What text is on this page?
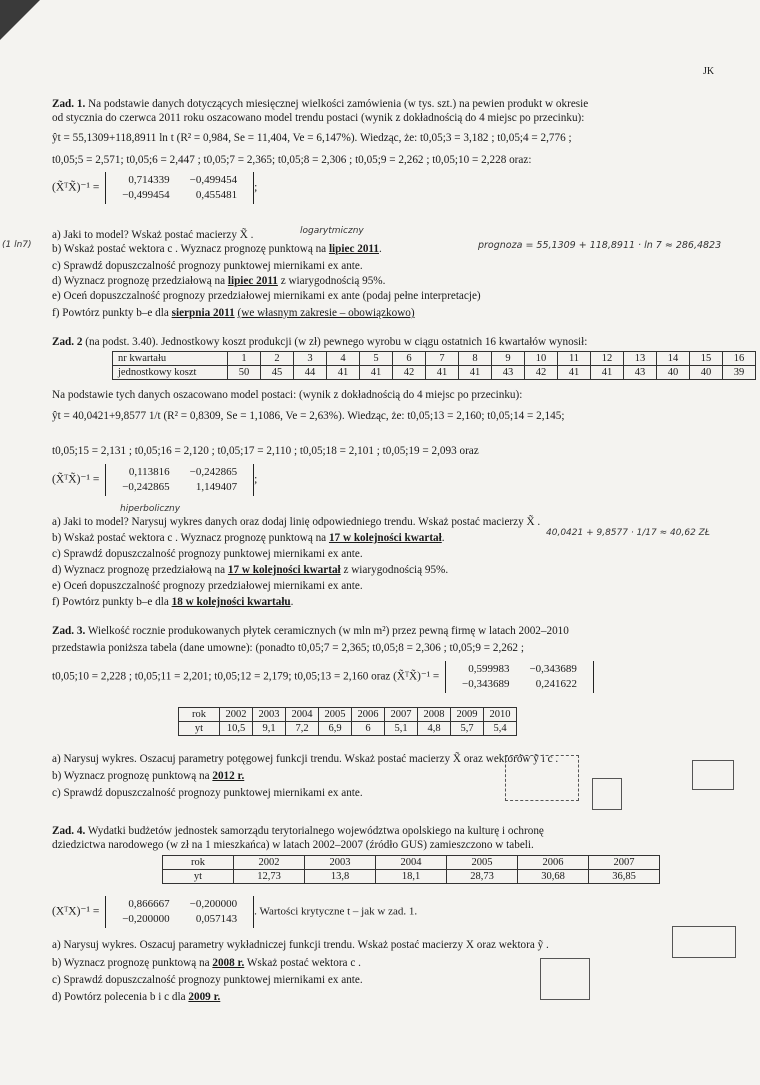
JK
Zad. 1. Na podstawie danych dotyczących miesięcznej wielkości zamówienia (w tys. szt.) na pewien produkt w okresie
od stycznia do czerwca 2011 roku oszacowano model trendu postaci (wynik z dokładnością do 4 miejsc po przecinku):
ŷt = 55,1309+118,8911 ln t (R² = 0,984, Se = 11,404, Ve = 6,147%). Wiedząc, że: t0,05;3 = 3,182 ; t0,05;4 = 2,776 ;
t0,05;5 = 2,571; t0,05;6 = 2,447 ; t0,05;7 = 2,365; t0,05;8 = 2,306 ; t0,05;9 = 2,262 ; t0,05;10 = 2,228 oraz:
(X̃ᵀX̃)⁻¹ =
0,714339	−0,499454
−0,499454	0,455481
;
a) Jaki to model? Wskaż postać macierzy X̃ .
b) Wskaż postać wektora c . Wyznacz prognozę punktową na lipiec 2011.
c) Sprawdź dopuszczalność prognozy punktowej miernikami ex ante.
d) Wyznacz prognozę przedziałową na lipiec 2011 z wiarygodnością 95%.
e) Oceń dopuszczalność prognozy przedziałowej miernikami ex ante (podaj pełne interpretacje)
f) Powtórz punkty b–e dla sierpnia 2011 (we własnym zakresie – obowiązkowo)
logarytmiczny
prognoza = 55,1309 + 118,8911 · ln 7 ≈ 286,4823
(1 ln7)
Zad. 2 (na podst. 3.40). Jednostkowy koszt produkcji (w zł) pewnego wyrobu w ciągu ostatnich 16 kwartałów wynosił:
nr kwartału	1	2	3	4	5	6	7	8	9	10	11	12	13	14	15	16
jednostkowy koszt	50	45	44	41	41	42	41	41	43	42	41	41	43	40	40	39
Na podstawie tych danych oszacowano model postaci: (wynik z dokładnością do 4 miejsc po przecinku):
ŷt = 40,0421+9,8577 1/t (R² = 0,8309, Se = 1,1086, Ve = 2,63%). Wiedząc, że: t0,05;13 = 2,160; t0,05;14 = 2,145;
t0,05;15 = 2,131 ; t0,05;16 = 2,120 ; t0,05;17 = 2,110 ; t0,05;18 = 2,101 ; t0,05;19 = 2,093 oraz
(X̃ᵀX̃)⁻¹ =
0,113816	−0,242865
−0,242865	1,149407
;
a) Jaki to model? Narysuj wykres danych oraz dodaj linię odpowiedniego trendu. Wskaż postać macierzy X̃ .
b) Wskaż postać wektora c . Wyznacz prognozę punktową na 17 w kolejności kwartał.
c) Sprawdź dopuszczalność prognozy punktowej miernikami ex ante.
d) Wyznacz prognozę przedziałową na 17 w kolejności kwartał z wiarygodnością 95%.
e) Oceń dopuszczalność prognozy przedziałowej miernikami ex ante.
f) Powtórz punkty b–e dla 18 w kolejności kwartału.
hiperboliczny
40,0421 + 9,8577 · 1/17 ≈ 40,62 ZŁ
Zad. 3. Wielkość rocznie produkowanych płytek ceramicznych (w mln m²) przez pewną firmę w latach 2002–2010
przedstawia poniższa tabela (dane umowne): (ponadto t0,05;7 = 2,365; t0,05;8 = 2,306 ; t0,05;9 = 2,262 ;
t0,05;10 = 2,228 ; t0,05;11 = 2,201; t0,05;12 = 2,179; t0,05;13 = 2,160 oraz (X̃ᵀX̃)⁻¹ =
0,599983	−0,343689
−0,343689	0,241622
rok	2002	2003	2004	2005	2006	2007	2008	2009	2010
yt	10,5	9,1	7,2	6,9	6	5,1	4,8	5,7	5,4
a) Narysuj wykres. Oszacuj parametry potęgowej funkcji trendu. Wskaż postać macierzy X̃ oraz wektorów ỹ i c .
b) Wyznacz prognozę punktową na 2012 r.
c) Sprawdź dopuszczalność prognozy punktowej miernikami ex ante.
Zad. 4. Wydatki budżetów jednostek samorządu terytorialnego województwa opolskiego na kulturę i ochronę
dziedzictwa narodowego (w zł na 1 mieszkańca) w latach 2002–2007 (źródło GUS) zamieszczono w tabeli.
rok	2002	2003	2004	2005	2006	2007
yt	12,73	13,8	18,1	28,73	30,68	36,85
(XᵀX)⁻¹ =
0,866667	−0,200000
−0,200000	0,057143
. Wartości krytyczne t – jak w zad. 1.
a) Narysuj wykres. Oszacuj parametry wykładniczej funkcji trendu. Wskaż postać macierzy X oraz wektora ỹ .
b) Wyznacz prognozę punktową na 2008 r. Wskaż postać wektora c .
c) Sprawdź dopuszczalność prognozy punktowej miernikami ex ante.
d) Powtórz polecenia b i c dla 2009 r.
